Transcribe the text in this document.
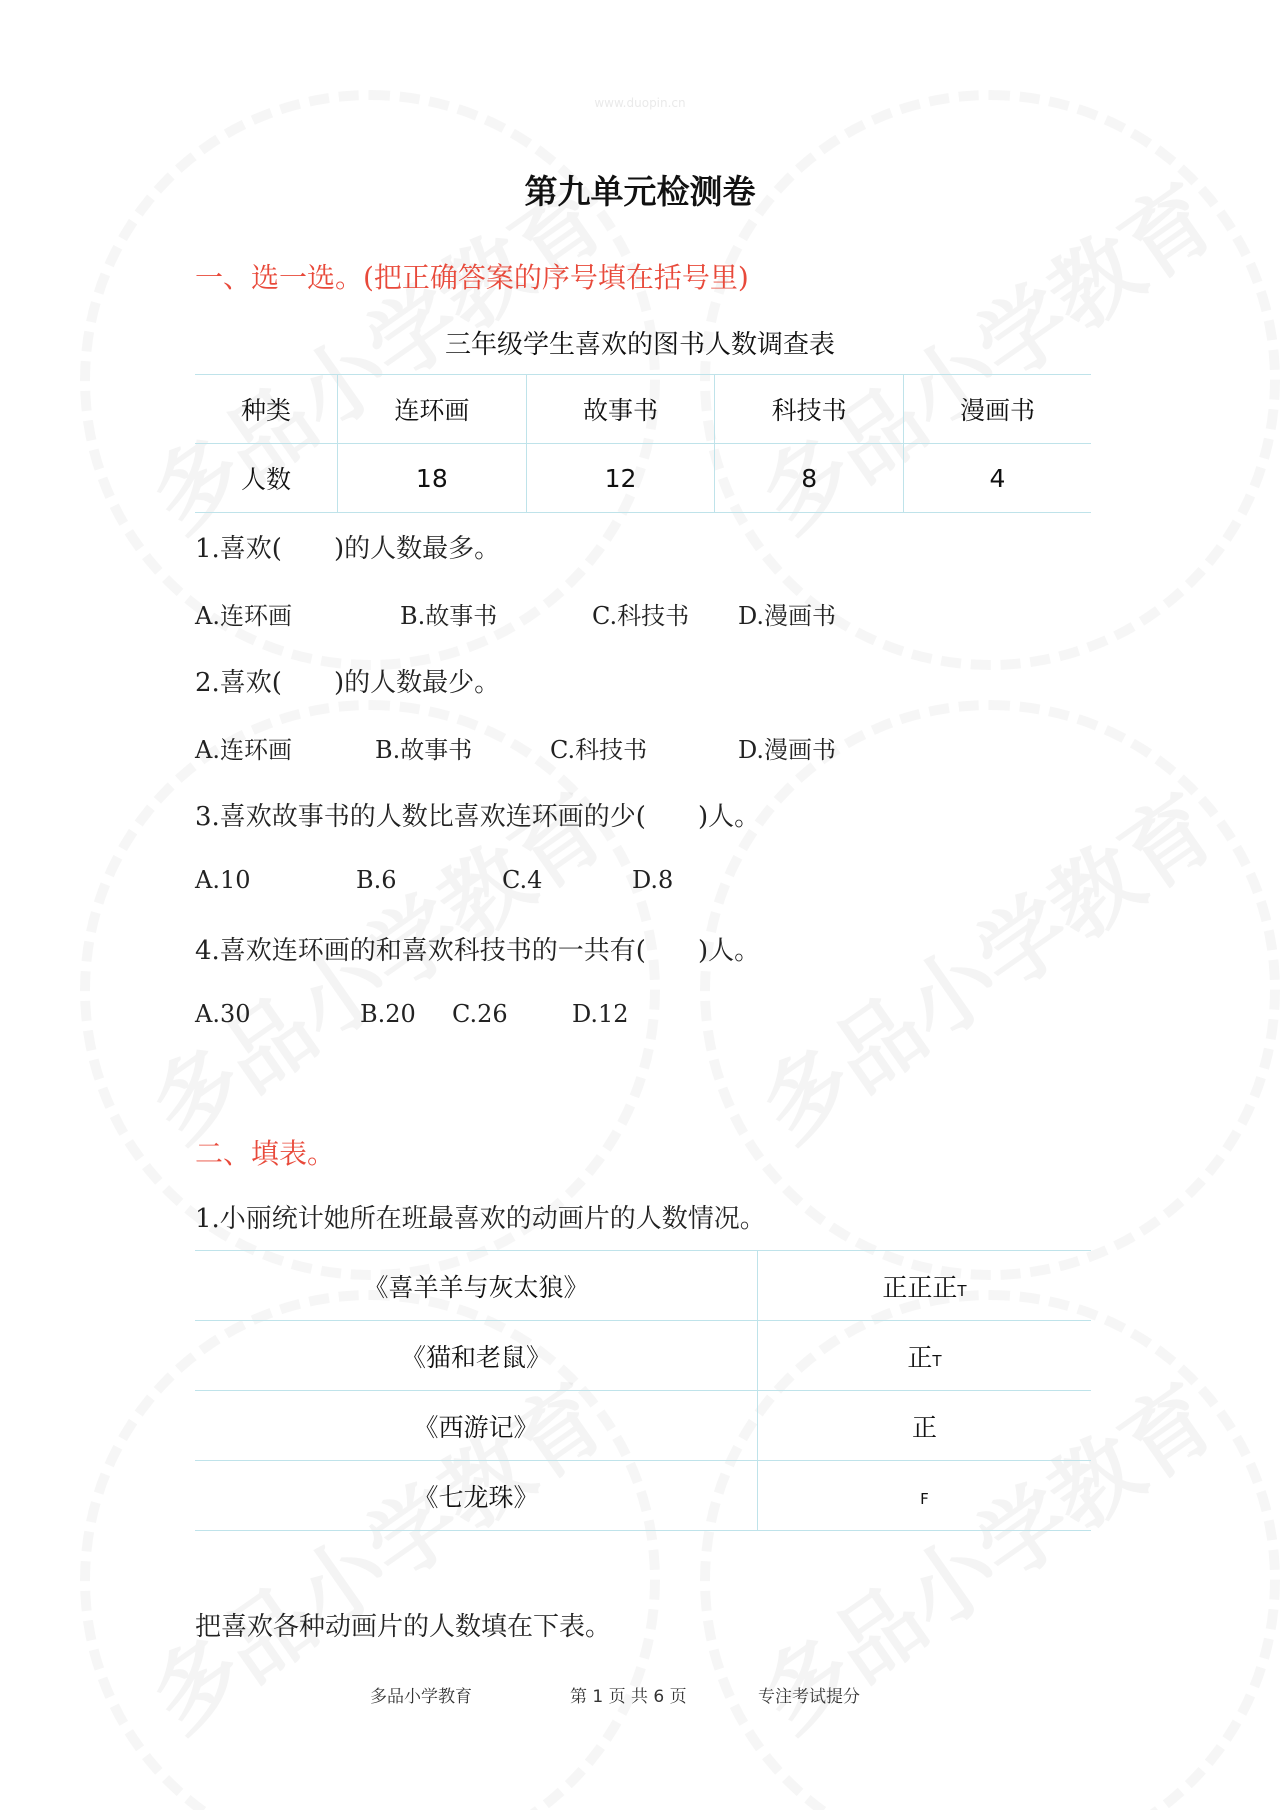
www.duopin.cn
第九单元检测卷
一、选一选。(把正确答案的序号填在括号里)
三年级学生喜欢的图书人数调查表
种类	连环画	故事书	科技书	漫画书
人数	18	12	8	4
1.喜欢(　　)的人数最多。
A.连环画	B.故事书	C.科技书 D.漫画书
2.喜欢(　　)的人数最少。
A.连环画	B.故事书	C.科技书	D.漫画书
3.喜欢故事书的人数比喜欢连环画的少(　　)人。
A.10	B.6	C.4	D.8
4.喜欢连环画的和喜欢科技书的一共有(　　)人。
A.30	B.20 C.26	D.12
二、填表。
1.小丽统计她所在班最喜欢的动画片的人数情况。
《喜羊羊与灰太狼》	正正正T
《猫和老鼠》	正T
《西游记》	正
《七龙珠》	F
把喜欢各种动画片的人数填在下表。
多品小学教育	第 1 页 共 6 页	专注考试提分
